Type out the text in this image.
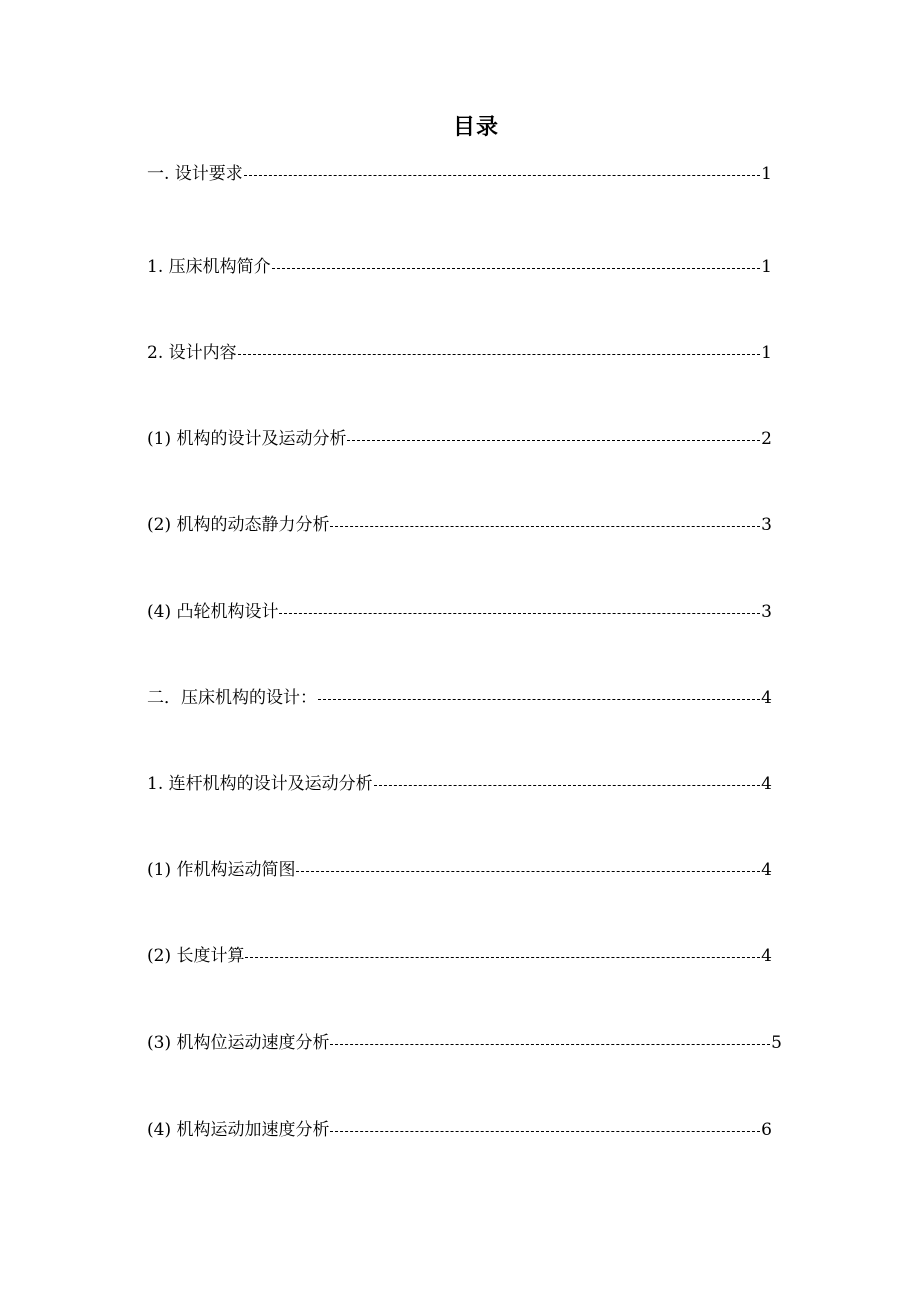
目录
一. 设计要求	1
1. 压床机构简介	1
2. 设计内容	1
(1) 机构的设计及运动分析	2
(2) 机构的动态静力分析	3
(4) 凸轮机构设计	3
二．压床机构的设计：	4
1. 连杆机构的设计及运动分析	4
(1) 作机构运动简图	4
(2) 长度计算	4
(3) 机构位运动速度分析	5
(4) 机构运动加速度分析	6
